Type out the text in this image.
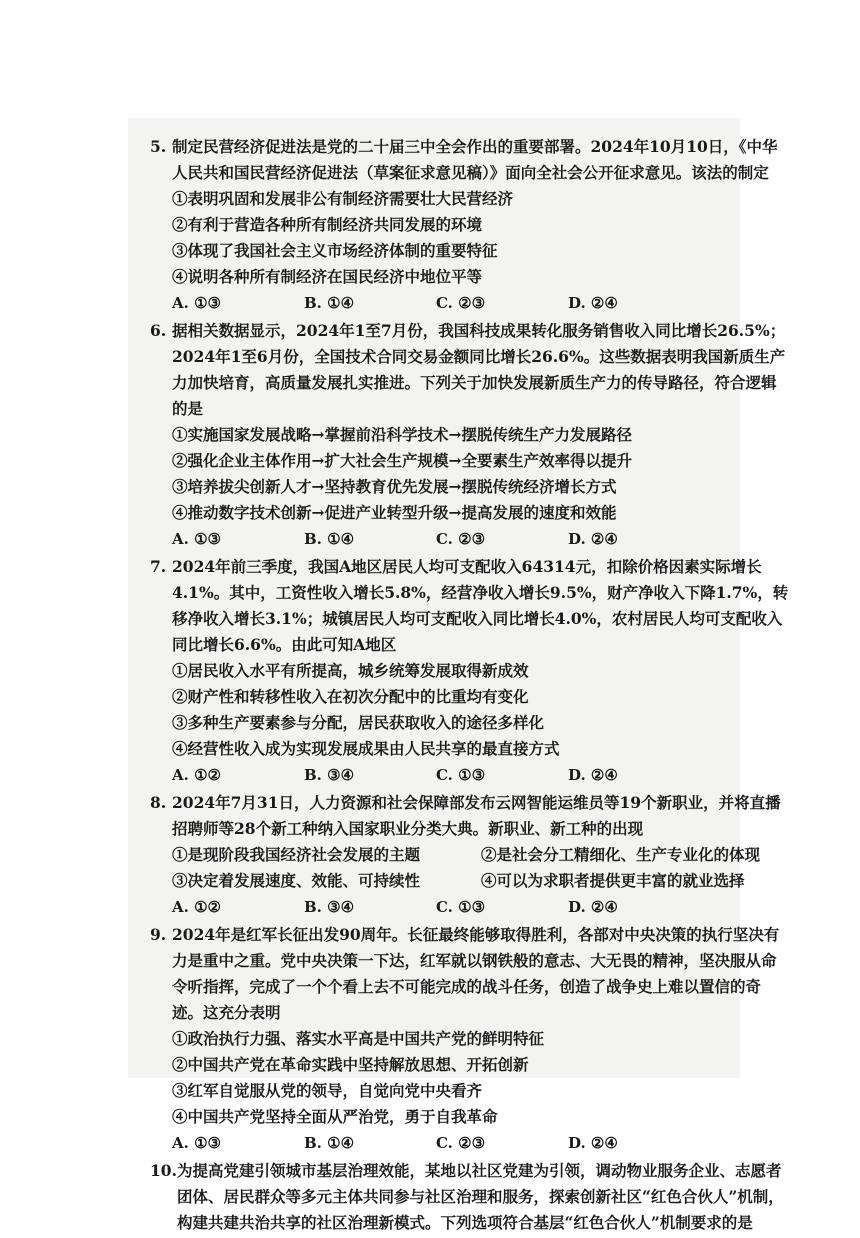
5. 制定民营经济促进法是党的二十届三中全会作出的重要部署。2024年10月10日，《中华人民共和国民营经济促进法（草案征求意见稿）》面向全社会公开征求意见。该法的制定
①表明巩固和发展非公有制经济需要壮大民营经济
②有利于营造各种所有制经济共同发展的环境
③体现了我国社会主义市场经济体制的重要特征
④说明各种所有制经济在国民经济中地位平等
A. ①③	B. ①④	C. ②③	D. ②④
6. 据相关数据显示，2024年1至7月份，我国科技成果转化服务销售收入同比增长26.5%；2024年1至6月份，全国技术合同交易金额同比增长26.6%。这些数据表明我国新质生产力加快培育，高质量发展扎实推进。下列关于加快发展新质生产力的传导路径，符合逻辑的是
①实施国家发展战略→掌握前沿科学技术→摆脱传统生产力发展路径
②强化企业主体作用→扩大社会生产规模→全要素生产效率得以提升
③培养拔尖创新人才→坚持教育优先发展→摆脱传统经济增长方式
④推动数字技术创新→促进产业转型升级→提高发展的速度和效能
A. ①③	B. ①④	C. ②③	D. ②④
7. 2024年前三季度，我国A地区居民人均可支配收入64314元，扣除价格因素实际增长4.1%。其中，工资性收入增长5.8%，经营净收入增长9.5%，财产净收入下降1.7%，转移净收入增长3.1%；城镇居民人均可支配收入同比增长4.0%，农村居民人均可支配收入同比增长6.6%。由此可知A地区
①居民收入水平有所提高，城乡统筹发展取得新成效
②财产性和转移性收入在初次分配中的比重均有变化
③多种生产要素参与分配，居民获取收入的途径多样化
④经营性收入成为实现发展成果由人民共享的最直接方式
A. ①②	B. ③④	C. ①③	D. ②④
8. 2024年7月31日，人力资源和社会保障部发布云网智能运维员等19个新职业，并将直播招聘师等28个新工种纳入国家职业分类大典。新职业、新工种的出现
①是现阶段我国经济社会发展的主题	②是社会分工精细化、生产专业化的体现
③决定着发展速度、效能、可持续性	④可以为求职者提供更丰富的就业选择
A. ①②	B. ③④	C. ①③	D. ②④
9. 2024年是红军长征出发90周年。长征最终能够取得胜利，各部对中央决策的执行坚决有力是重中之重。党中央决策一下达，红军就以钢铁般的意志、大无畏的精神，坚决服从命令听指挥，完成了一个个看上去不可能完成的战斗任务，创造了战争史上难以置信的奇迹。这充分表明
①政治执行力强、落实水平高是中国共产党的鲜明特征
②中国共产党在革命实践中坚持解放思想、开拓创新
③红军自觉服从党的领导，自觉向党中央看齐
④中国共产党坚持全面从严治党，勇于自我革命
A. ①③	B. ①④	C. ②③	D. ②④
10. 为提高党建引领城市基层治理效能，某地以社区党建为引领，调动物业服务企业、志愿者团体、居民群众等多元主体共同参与社区治理和服务，探索创新社区“红色合伙人”机制，构建共建共治共享的社区治理新模式。下列选项符合基层“红色合伙人”机制要求的是
